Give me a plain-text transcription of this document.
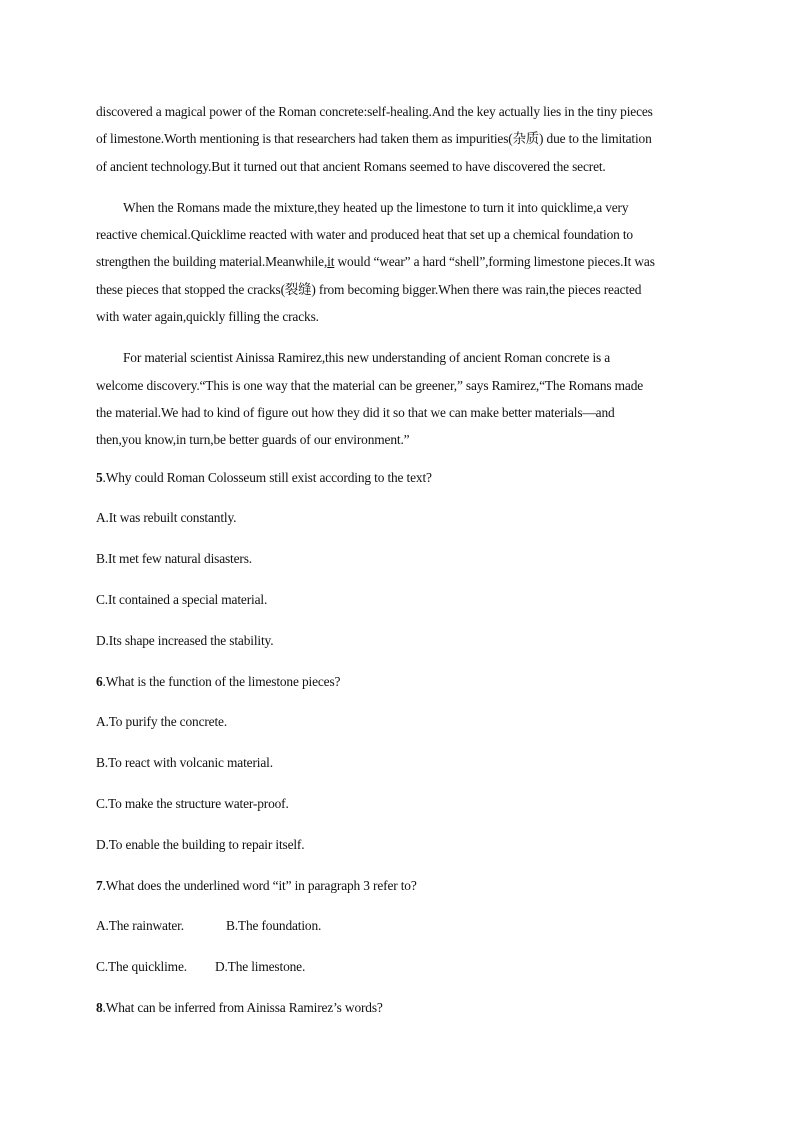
discovered a magical power of the Roman concrete:self-healing.And the key actually lies in the tiny pieces
of limestone.Worth mentioning is that researchers had taken them as impurities(杂质) due to the limitation
of ancient technology.But it turned out that ancient Romans seemed to have discovered the secret.

When the Romans made the mixture,they heated up the limestone to turn it into quicklime,a very
reactive chemical.Quicklime reacted with water and produced heat that set up a chemical foundation to
strengthen the building material.Meanwhile,it would “wear” a hard “shell”,forming limestone pieces.It was
these pieces that stopped the cracks(裂缝) from becoming bigger.When there was rain,the pieces reacted
with water again,quickly filling the cracks.

For material scientist Ainissa Ramirez,this new understanding of ancient Roman concrete is a
welcome discovery.“This is one way that the material can be greener,” says Ramirez,“The Romans made
the material.We had to kind of figure out how they did it so that we can make better materials—and
then,you know,in turn,be better guards of our environment.”

5.Why could Roman Colosseum still exist according to the text?

A.It was rebuilt constantly.

B.It met few natural disasters.

C.It contained a special material.

D.Its shape increased the stability.

6.What is the function of the limestone pieces?

A.To purify the concrete.

B.To react with volcanic material.

C.To make the structure water-proof.

D.To enable the building to repair itself.

7.What does the underlined word “it” in paragraph 3 refer to?

A.The rainwater.	B.The foundation.

C.The quicklime. D.The limestone.

8.What can be inferred from Ainissa Ramirez’s words?
